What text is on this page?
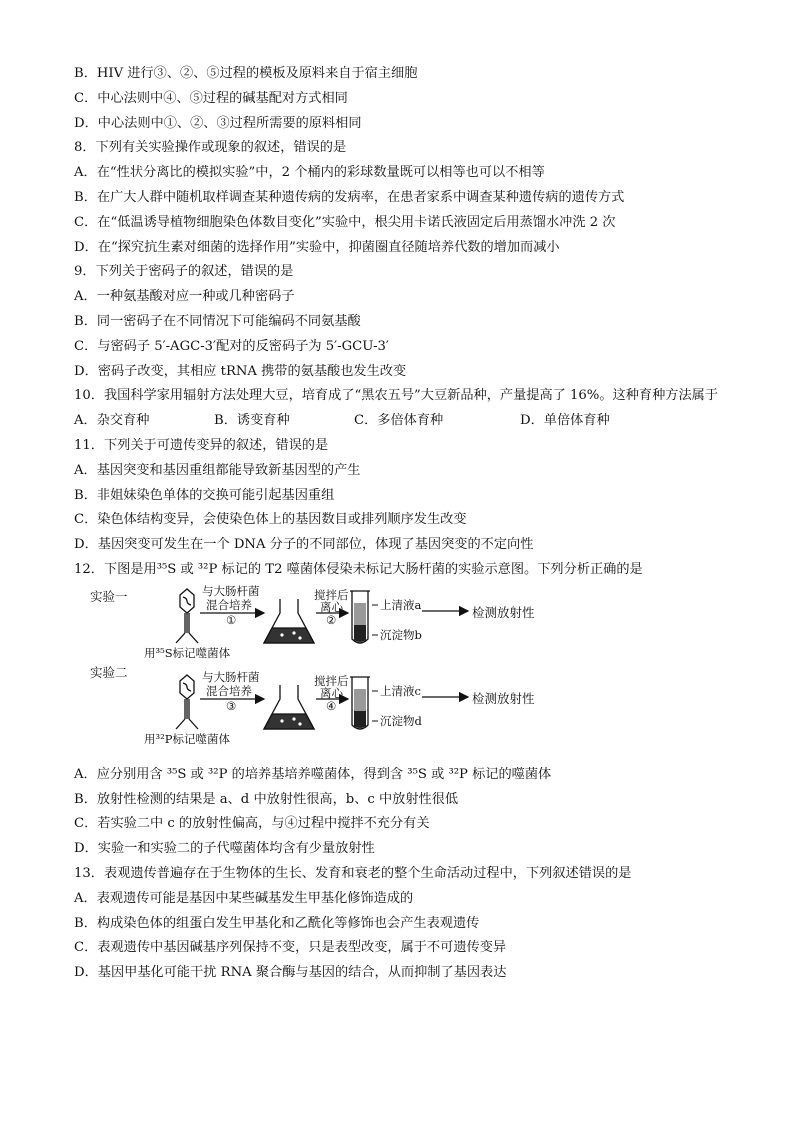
B．HIV 进行③、②、⑤过程的模板及原料来自于宿主细胞
C．中心法则中④、⑤过程的碱基配对方式相同
D．中心法则中①、②、③过程所需要的原料相同
8．下列有关实验操作或现象的叙述，错误的是
A．在“性状分离比的模拟实验”中，2 个桶内的彩球数量既可以相等也可以不相等
B．在广大人群中随机取样调查某种遗传病的发病率，在患者家系中调查某种遗传病的遗传方式
C．在“低温诱导植物细胞染色体数目变化”实验中，根尖用卡诺氏液固定后用蒸馏水冲洗 2 次
D．在“探究抗生素对细菌的选择作用”实验中，抑菌圈直径随培养代数的增加而减小
9．下列关于密码子的叙述，错误的是
A．一种氨基酸对应一种或几种密码子
B．同一密码子在不同情况下可能编码不同氨基酸
C．与密码子 5′-AGC-3′配对的反密码子为 5′-GCU-3′
D．密码子改变，其相应 tRNA 携带的氨基酸也发生改变
10．我国科学家用辐射方法处理大豆，培育成了“黑农五号”大豆新品种，产量提高了 16%。这种育种方法属于
A．杂交育种	B．诱变育种	C．多倍体育种	D．单倍体育种
11．下列关于可遗传变异的叙述，错误的是
A．基因突变和基因重组都能导致新基因型的产生
B．非姐妹染色单体的交换可能引起基因重组
C．染色体结构变异，会使染色体上的基因数目或排列顺序发生改变
D．基因突变可发生在一个 DNA 分子的不同部位，体现了基因突变的不定向性
12．下图是用³⁵S 或 ³²P 标记的 T2 噬菌体侵染未标记大肠杆菌的实验示意图。下列分析正确的是
实验一	与大肠杆菌
混合培养
①
搅拌后
离心
②
上清液a
沉淀物b
检测放射性
用³⁵S标记噬菌体
实验二	与大肠杆菌
混合培养
③
搅拌后
离心
④
上清液c
沉淀物d
检测放射性
用³²P标记噬菌体
A．应分别用含 ³⁵S 或 ³²P 的培养基培养噬菌体，得到含 ³⁵S 或 ³²P 标记的噬菌体
B．放射性检测的结果是 a、d 中放射性很高，b、c 中放射性很低
C．若实验二中 c 的放射性偏高，与④过程中搅拌不充分有关
D．实验一和实验二的子代噬菌体均含有少量放射性
13．表观遗传普遍存在于生物体的生长、发育和衰老的整个生命活动过程中，下列叙述错误的是
A．表观遗传可能是基因中某些碱基发生甲基化修饰造成的
B．构成染色体的组蛋白发生甲基化和乙酰化等修饰也会产生表观遗传
C．表观遗传中基因碱基序列保持不变，只是表型改变，属于不可遗传变异
D．基因甲基化可能干扰 RNA 聚合酶与基因的结合，从而抑制了基因表达
